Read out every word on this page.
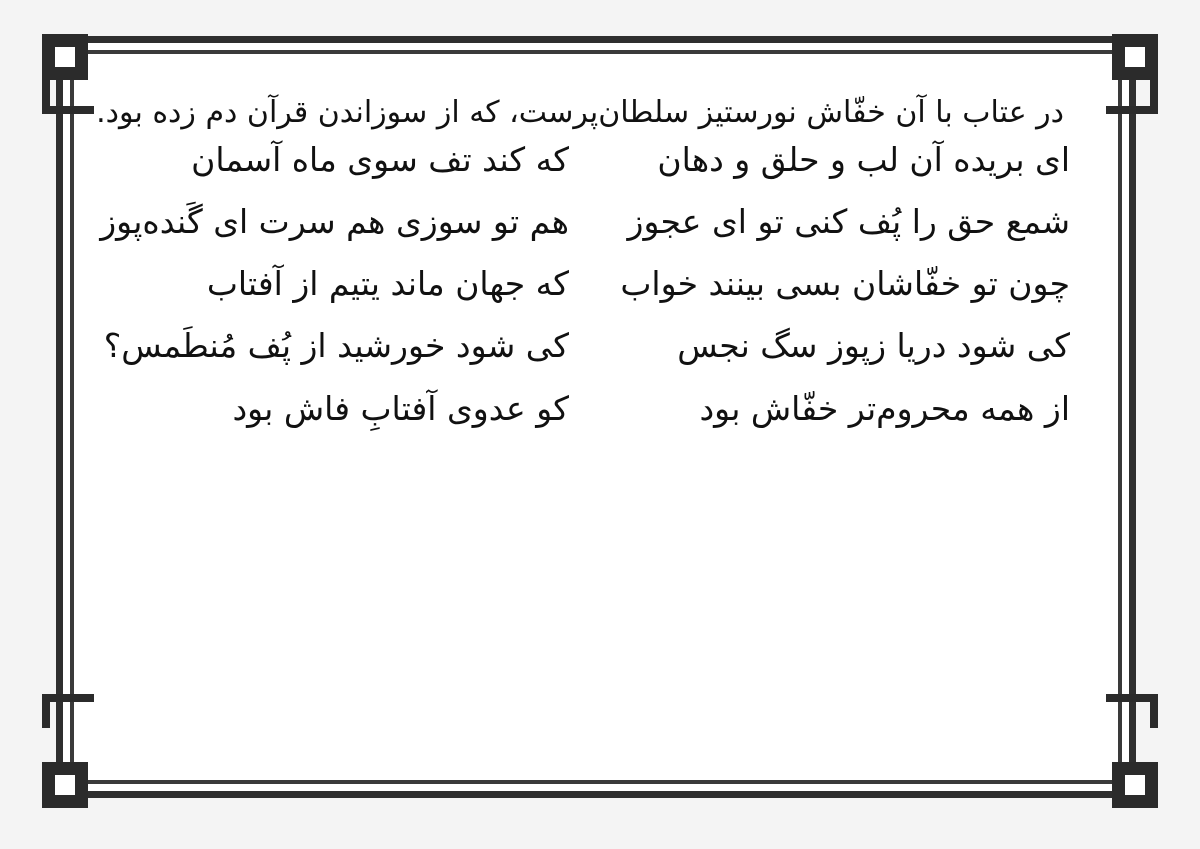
در عتاب با آن خفّاش نورستیز سلطان‌پرست، که از سوزاندن قرآن دم زده بود.
ای بریده آن لب و حلق و دهان
که کند تف سوی ماه آسمان
شمع حق را پُف کنی تو ای عجوز
هم تو سوزی هم سرت ای گَنده‌پوز
چون تو خفّاشان بسی بینند خواب
که جهان ماند یتیم از آفتاب
کی شود دریا زپوز سگ نجس
کی شود خورشید از پُف مُنطَمس؟
از همه محروم‌تر خفّاش بود
کو عدوی آفتابِ فاش بود
